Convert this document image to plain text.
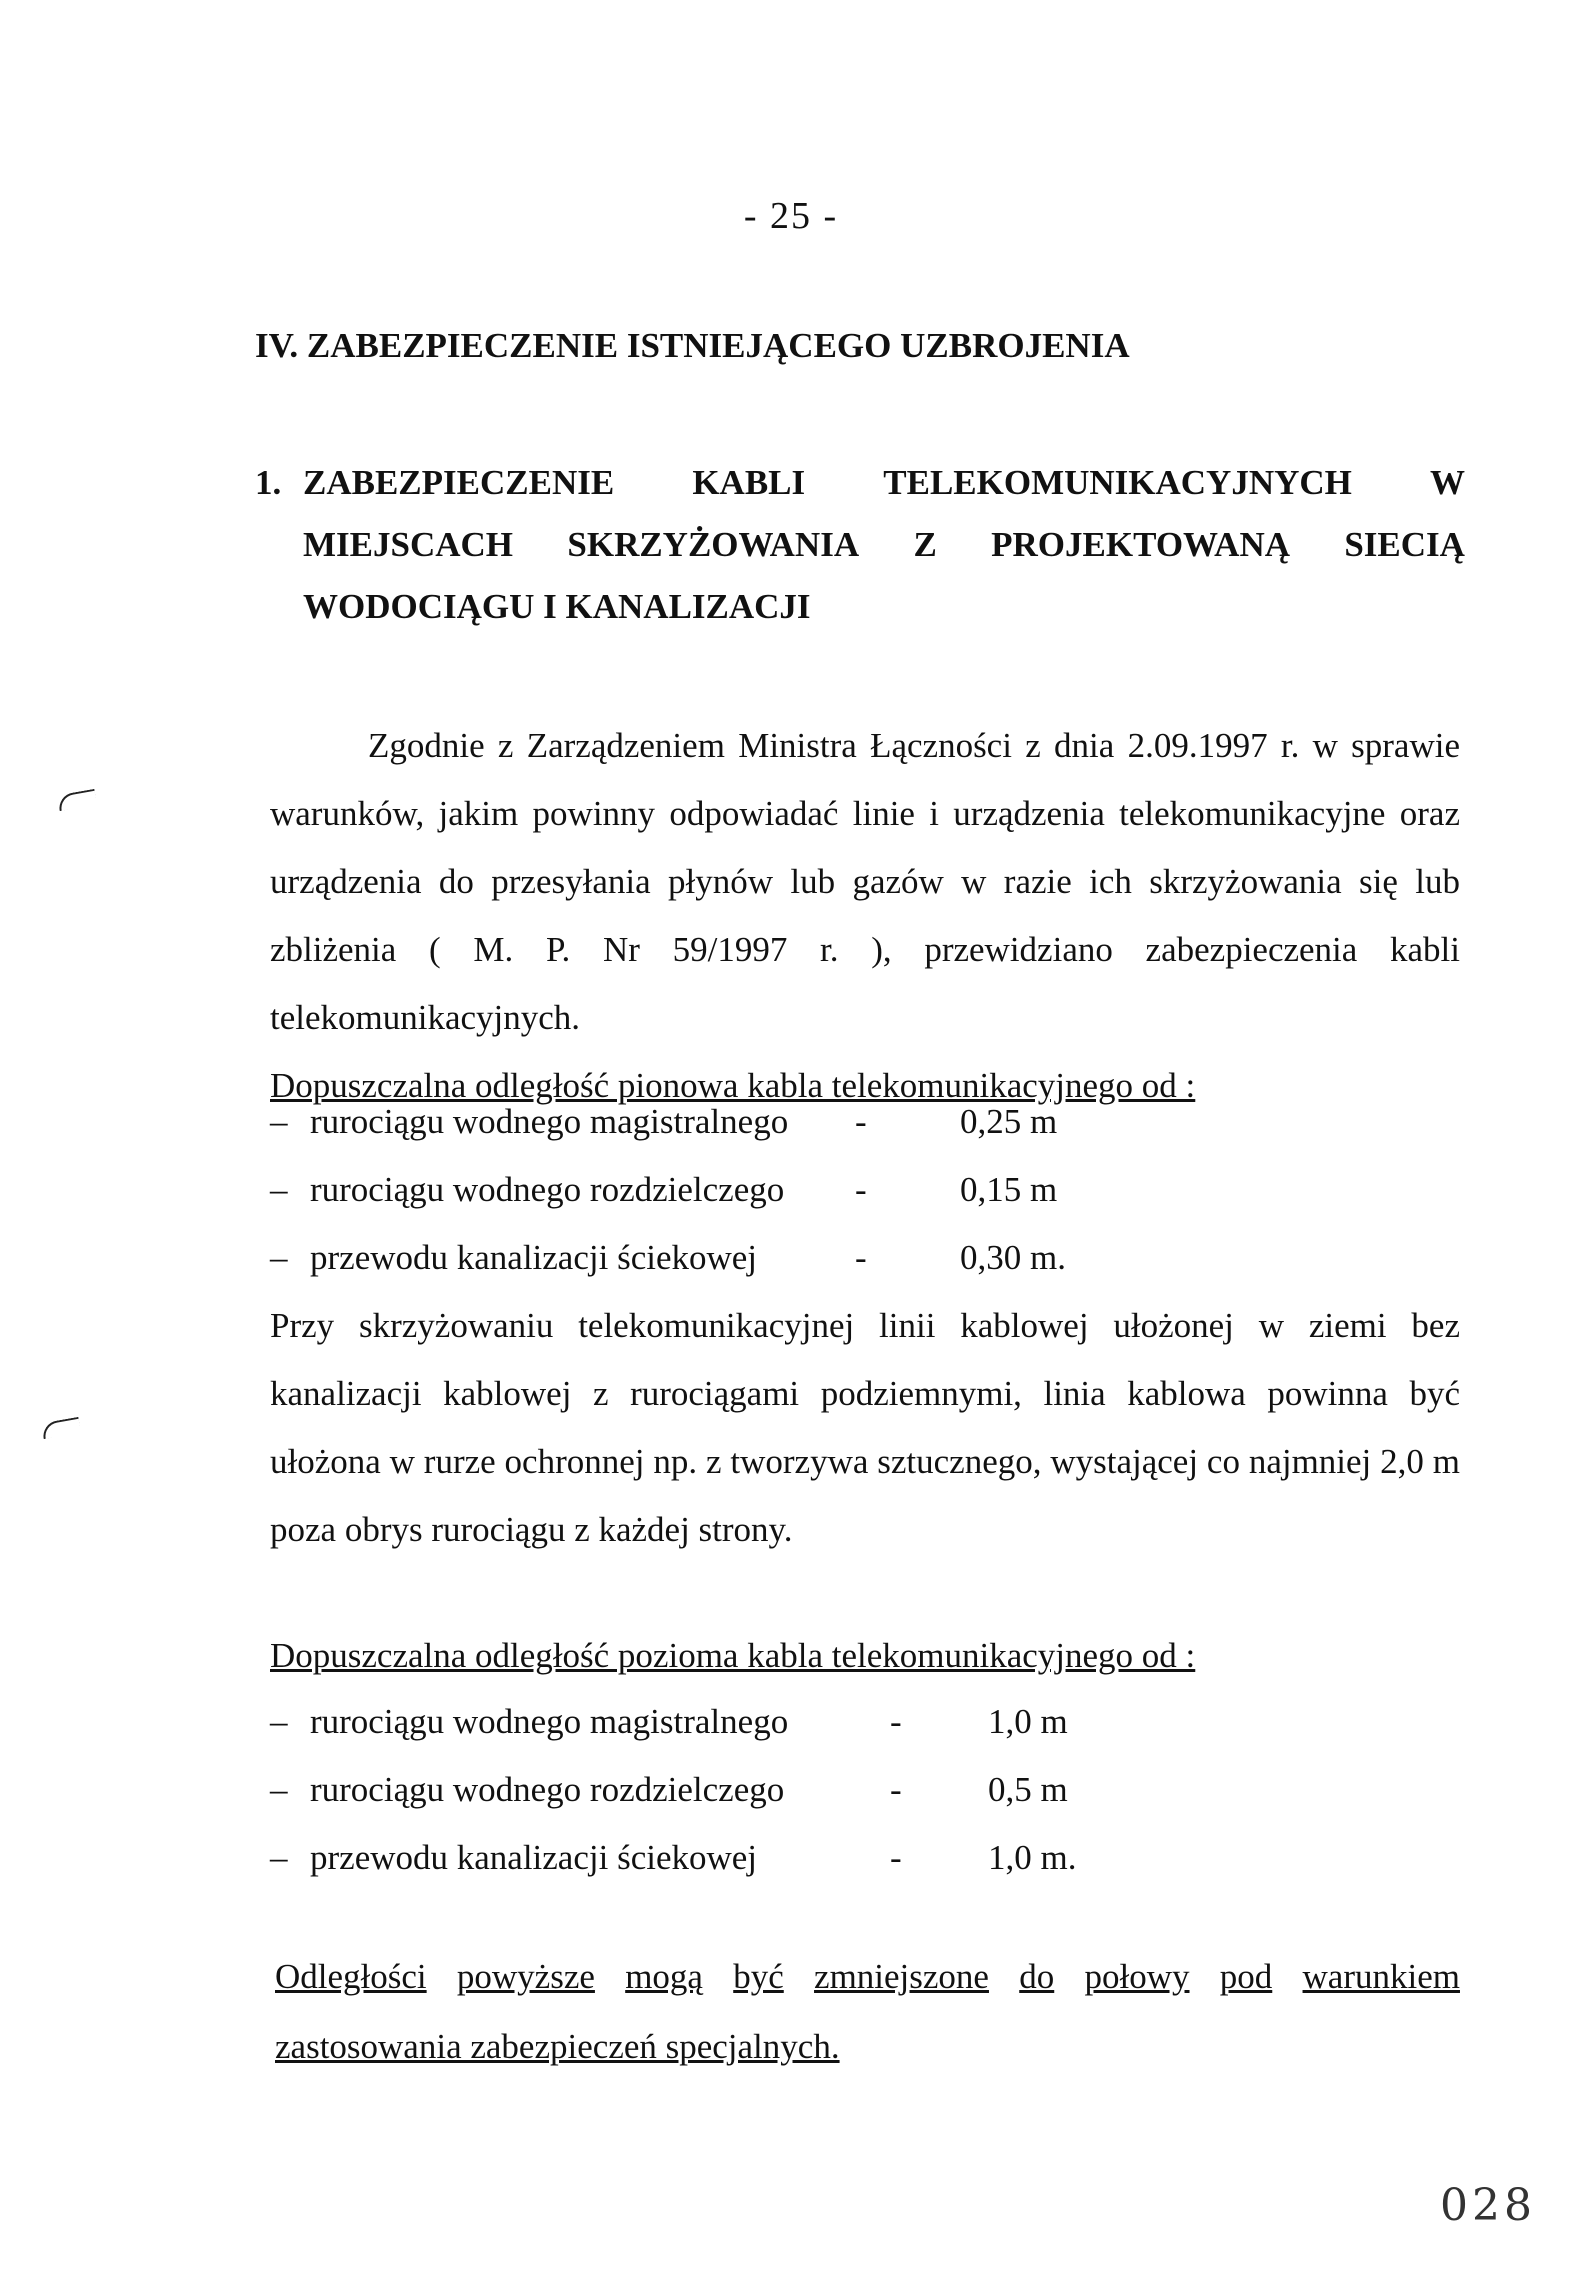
- 25 -
IV. ZABEZPIECZENIE ISTNIEJĄCEGO UZBROJENIA
1. ZABEZPIECZENIE KABLI TELEKOMUNIKACYJNYCH W
MIEJSCACH SKRZYŻOWANIA Z PROJEKTOWANĄ SIECIĄ
WODOCIĄGU I KANALIZACJI

Zgodnie z Zarządzeniem Ministra Łączności z dnia 2.09.1997 r. w sprawie warunków, jakim powinny odpowiadać linie i urządzenia telekomunikacyjne oraz urządzenia do przesyłania płynów lub gazów w razie ich skrzyżowania się lub zbliżenia ( M. P. Nr 59/1997 r. ), przewidziano zabezpieczenia kabli telekomunikacyjnych.

Dopuszczalna odległość pionowa kabla telekomunikacyjnego od :

– rurociągu wodnego magistralnego	-	0,25 m
– rurociągu wodnego rozdzielczego	-	0,15 m
– przewodu kanalizacji ściekowej	-	0,30 m.

Przy skrzyżowaniu telekomunikacyjnej linii kablowej ułożonej w ziemi bez kanalizacji kablowej z rurociągami podziemnymi, linia kablowa powinna być ułożona w rurze ochronnej np. z tworzywa sztucznego, wystającej co najmniej 2,0 m poza obrys rurociągu z każdej strony.

Dopuszczalna odległość pozioma kabla telekomunikacyjnego od :

– rurociągu wodnego magistralnego	-	1,0 m
– rurociągu wodnego rozdzielczego	-	0,5 m
– przewodu kanalizacji ściekowej	-	1,0 m.
Odległości powyższe mogą być zmniejszone do połowy pod warunkiem
zastosowania zabezpieczeń specjalnych.
028
